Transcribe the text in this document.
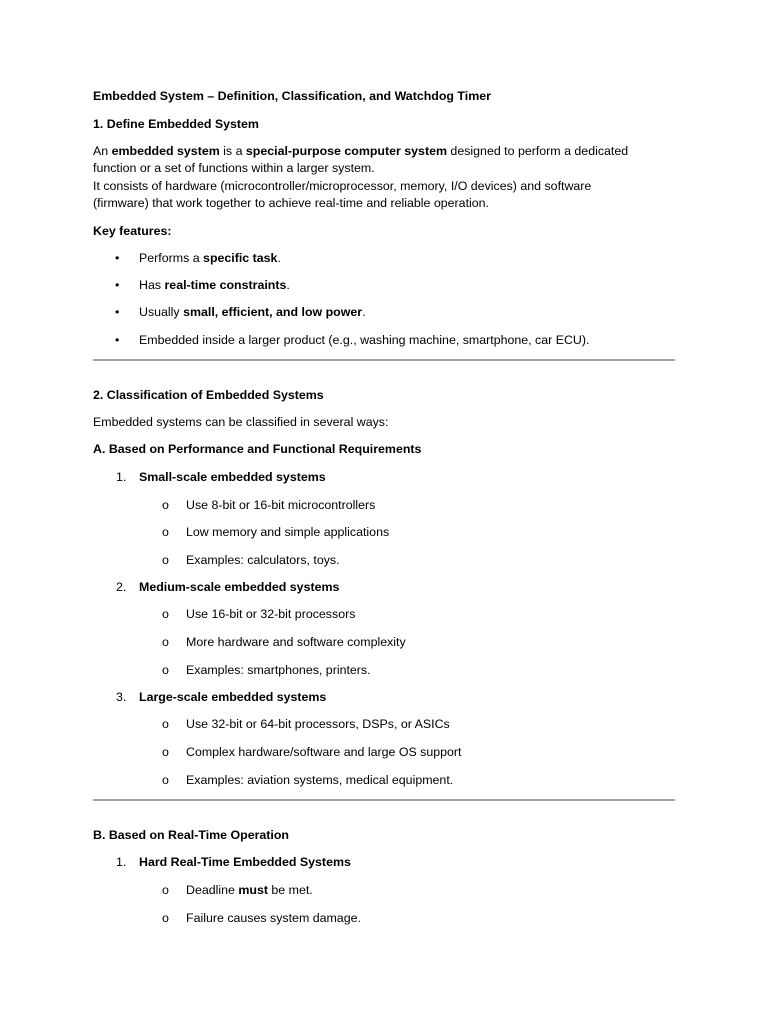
Embedded System – Definition, Classification, and Watchdog Timer
1. Define Embedded System
An embedded system is a special-purpose computer system designed to perform a dedicated
function or a set of functions within a larger system.
It consists of hardware (microcontroller/microprocessor, memory, I/O devices) and software
(firmware) that work together to achieve real-time and reliable operation.
Key features:
• Performs a specific task.
• Has real-time constraints.
• Usually small, efficient, and low power.
• Embedded inside a larger product (e.g., washing machine, smartphone, car ECU).
2. Classification of Embedded Systems
Embedded systems can be classified in several ways:
A. Based on Performance and Functional Requirements
1. Small-scale embedded systems
o Use 8-bit or 16-bit microcontrollers
o Low memory and simple applications
o Examples: calculators, toys.
2. Medium-scale embedded systems
o Use 16-bit or 32-bit processors
o More hardware and software complexity
o Examples: smartphones, printers.
3. Large-scale embedded systems
o Use 32-bit or 64-bit processors, DSPs, or ASICs
o Complex hardware/software and large OS support
o Examples: aviation systems, medical equipment.
B. Based on Real-Time Operation
1. Hard Real-Time Embedded Systems
o Deadline must be met.
o Failure causes system damage.
